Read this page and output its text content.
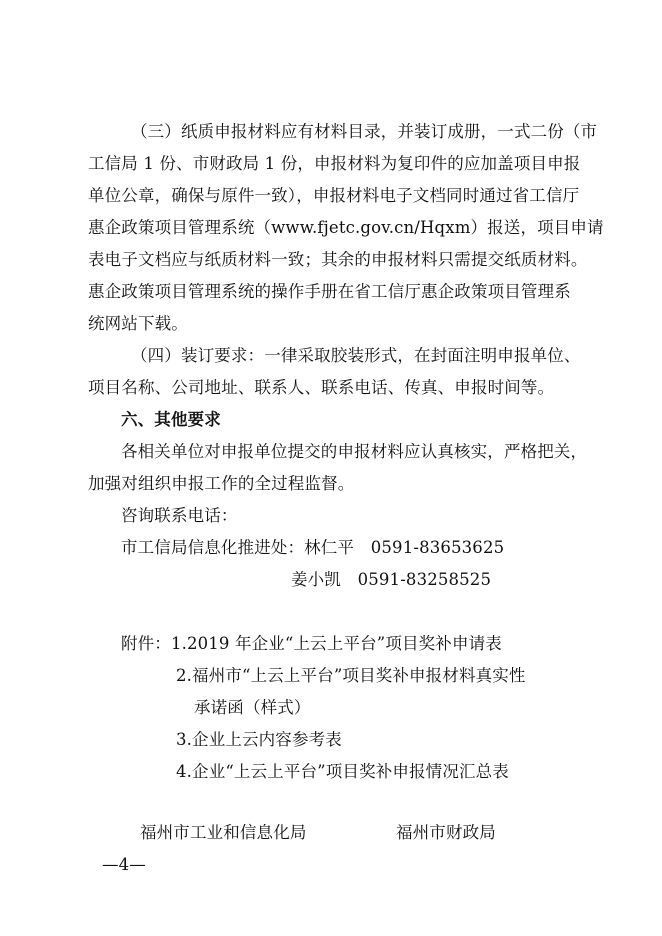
（三）纸质申报材料应有材料目录，并装订成册，一式二份（市
工信局 1 份、市财政局 1 份，申报材料为复印件的应加盖项目申报
单位公章，确保与原件一致），申报材料电子文档同时通过省工信厅
惠企政策项目管理系统（www.fjetc.gov.cn/Hqxm）报送，项目申请
表电子文档应与纸质材料一致；其余的申报材料只需提交纸质材料。
惠企政策项目管理系统的操作手册在省工信厅惠企政策项目管理系
统网站下载。
（四）装订要求：一律采取胶装形式，在封面注明申报单位、
项目名称、公司地址、联系人、联系电话、传真、申报时间等。
六、其他要求
各相关单位对申报单位提交的申报材料应认真核实，严格把关，
加强对组织申报工作的全过程监督。
咨询联系电话：
市工信局信息化推进处：林仁平　0591-83653625
姜小凯　0591-83258525
附件：1.2019 年企业“上云上平台”项目奖补申请表
2.福州市“上云上平台”项目奖补申报材料真实性
承诺函（样式）
3.企业上云内容参考表
4.企业“上云上平台”项目奖补申报情况汇总表
福州市工业和信息化局	福州市财政局
—4—
